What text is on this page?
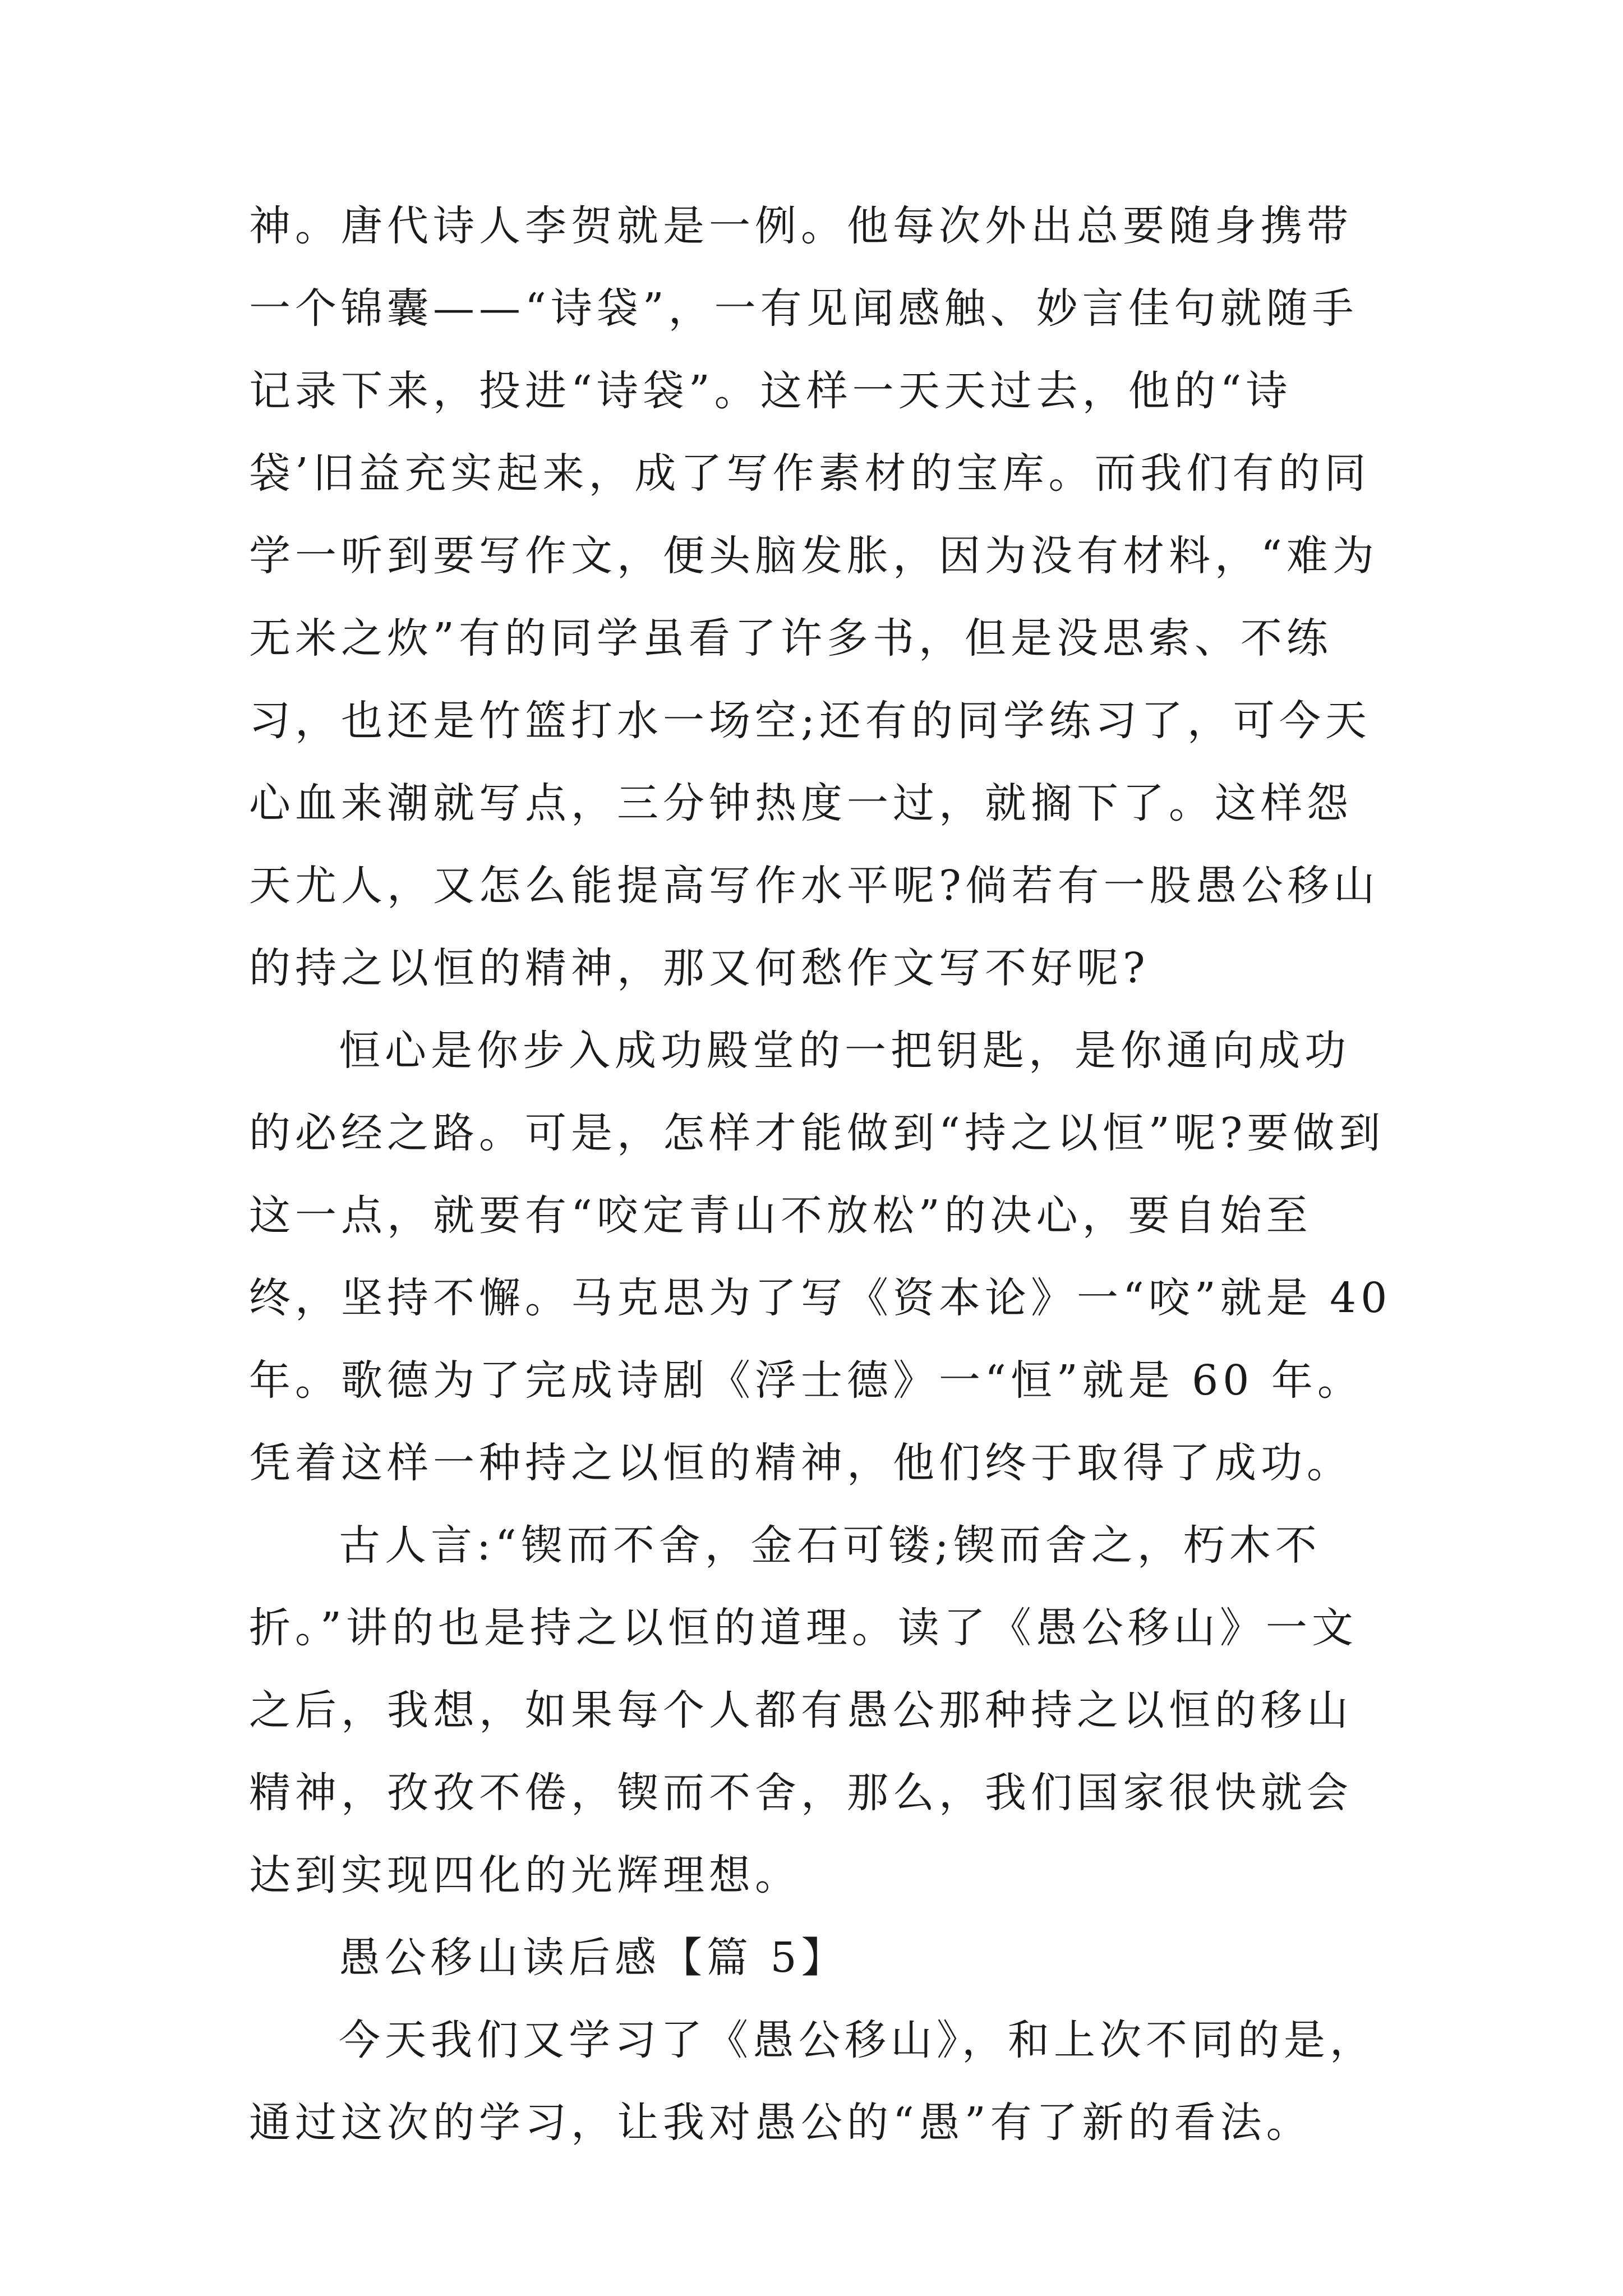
神。唐代诗人李贺就是一例。他每次外出总要随身携带一个锦囊——“诗袋”，一有见闻感触、妙言佳句就随手记录下来，投进“诗袋”。这样一天天过去，他的“诗袋’旧益充实起来，成了写作素材的宝库。而我们有的同学一听到要写作文，便头脑发胀，因为没有材料，“难为无米之炊”有的同学虽看了许多书，但是没思索、不练习，也还是竹篮打水一场空;还有的同学练习了，可今天心血来潮就写点，三分钟热度一过，就搁下了。这样怨天尤人，又怎么能提高写作水平呢?倘若有一股愚公移山的持之以恒的精神，那又何愁作文写不好呢?

恒心是你步入成功殿堂的一把钥匙，是你通向成功的必经之路。可是，怎样才能做到“持之以恒”呢?要做到这一点，就要有“咬定青山不放松”的决心，要自始至终，坚持不懈。马克思为了写《资本论》一“咬”就是 40 年。歌德为了完成诗剧《浮士德》一“恒”就是 60 年。凭着这样一种持之以恒的精神，他们终于取得了成功。

古人言:“锲而不舍，金石可镂;锲而舍之，朽木不折。”讲的也是持之以恒的道理。读了《愚公移山》一文之后，我想，如果每个人都有愚公那种持之以恒的移山精神，孜孜不倦，锲而不舍，那么，我们国家很快就会达到实现四化的光辉理想。

愚公移山读后感【篇 5】

今天我们又学习了《愚公移山》，和上次不同的是，通过这次的学习，让我对愚公的“愚”有了新的看法。
